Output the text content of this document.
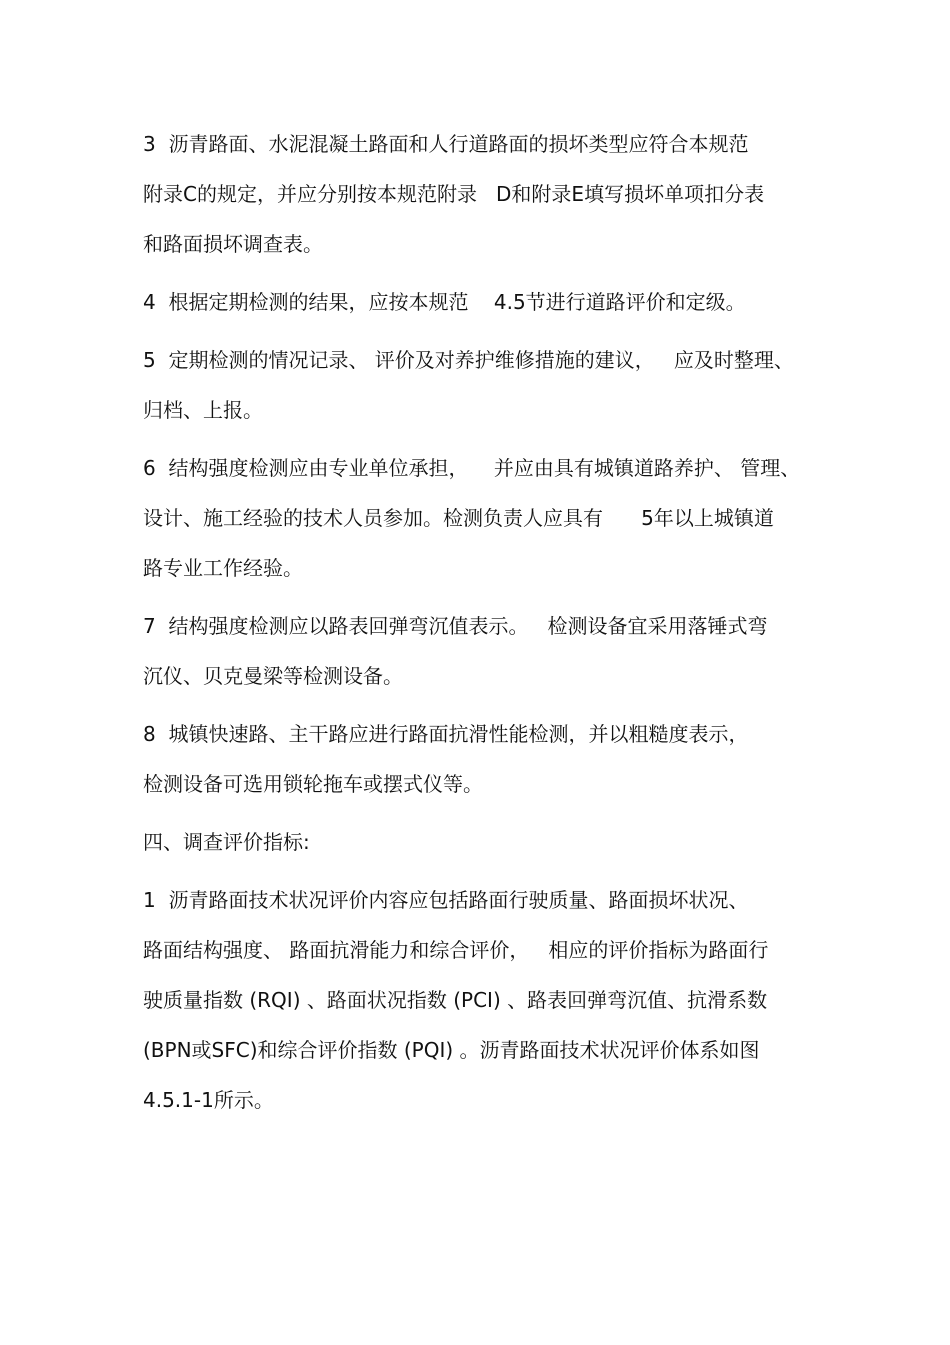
3  沥青路面、水泥混凝土路面和人行道路面的损坏类型应符合本规范

附录C的规定，并应分别按本规范附录   D和附录E填写损坏单项扣分表

和路面损坏调查表。

4  根据定期检测的结果，应按本规范    4.5节进行道路评价和定级。

5  定期检测的情况记录、 评价及对养护维修措施的建议，   应及时整理、

归档、上报。

6  结构强度检测应由专业单位承担，    并应由具有城镇道路养护、 管理、

设计、施工经验的技术人员参加。检测负责人应具有      5年以上城镇道

路专业工作经验。

7  结构强度检测应以路表回弹弯沉值表示。   检测设备宜采用落锤式弯

沉仪、贝克曼梁等检测设备。

8  城镇快速路、主干路应进行路面抗滑性能检测，并以粗糙度表示，

检测设备可选用锁轮拖车或摆式仪等。

四、调查评价指标:

1  沥青路面技术状况评价内容应包括路面行驶质量、路面损坏状况、

路面结构强度、 路面抗滑能力和综合评价，   相应的评价指标为路面行

驶质量指数 (RQI) 、路面状况指数 (PCI) 、路表回弹弯沉值、抗滑系数

(BPN或SFC)和综合评价指数 (PQI) 。沥青路面技术状况评价体系如图

4.5.1-1所示。
